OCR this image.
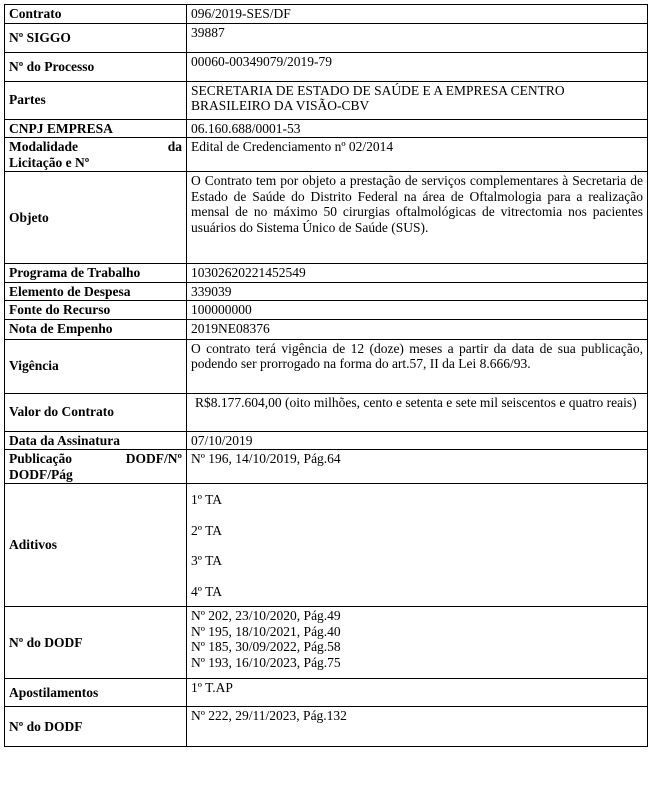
Contrato	096/2019-SES/DF
Nº SIGGO	39887
Nº do Processo	00060-00349079/2019-79
Partes	SECRETARIA DE ESTADO DE SAÚDE E A EMPRESA CENTRO BRASILEIRO DA VISÃO-CBV
CNPJ EMPRESA	06.160.688/0001-53

Modalidade da
Licitação e Nº	Edital de Credenciamento nº 02/2014
Objeto	O Contrato tem por objeto a prestação de serviços complementares à Secretaria de Estado de Saúde do Distrito Federal na área de Oftalmologia para a realização mensal de no máximo 50 cirurgias oftalmológicas de vitrectomia nos pacientes usuários do Sistema Único de Saúde (SUS).
Programa de Trabalho	10302620221452549
Elemento de Despesa	339039
Fonte do Recurso	100000000
Nota de Empenho	2019NE08376
Vigência	O contrato terá vigência de 12 (doze) meses a partir da data de sua publicação, podendo ser prorrogado na forma do art.57, II da Lei 8.666/93.
Valor do Contrato	R$8.177.604,00 (oito milhões, cento e setenta e sete mil seiscentos e quatro reais)
Data da Assinatura	07/10/2019

Publicação DODF/Nº
DODF/Pág	Nº 196, 14/10/2019, Pág.64
Aditivos	1º TA
2º TA
3º TA
4º TA

Nº do DODF	Nº 202, 23/10/2020, Pág.49
Nº 195, 18/10/2021, Pág.40
Nº 185, 30/09/2022, Pág.58
Nº 193, 16/10/2023, Pág.75

Apostilamentos	1º T.AP
Nº do DODF	Nº 222, 29/11/2023, Pág.132
